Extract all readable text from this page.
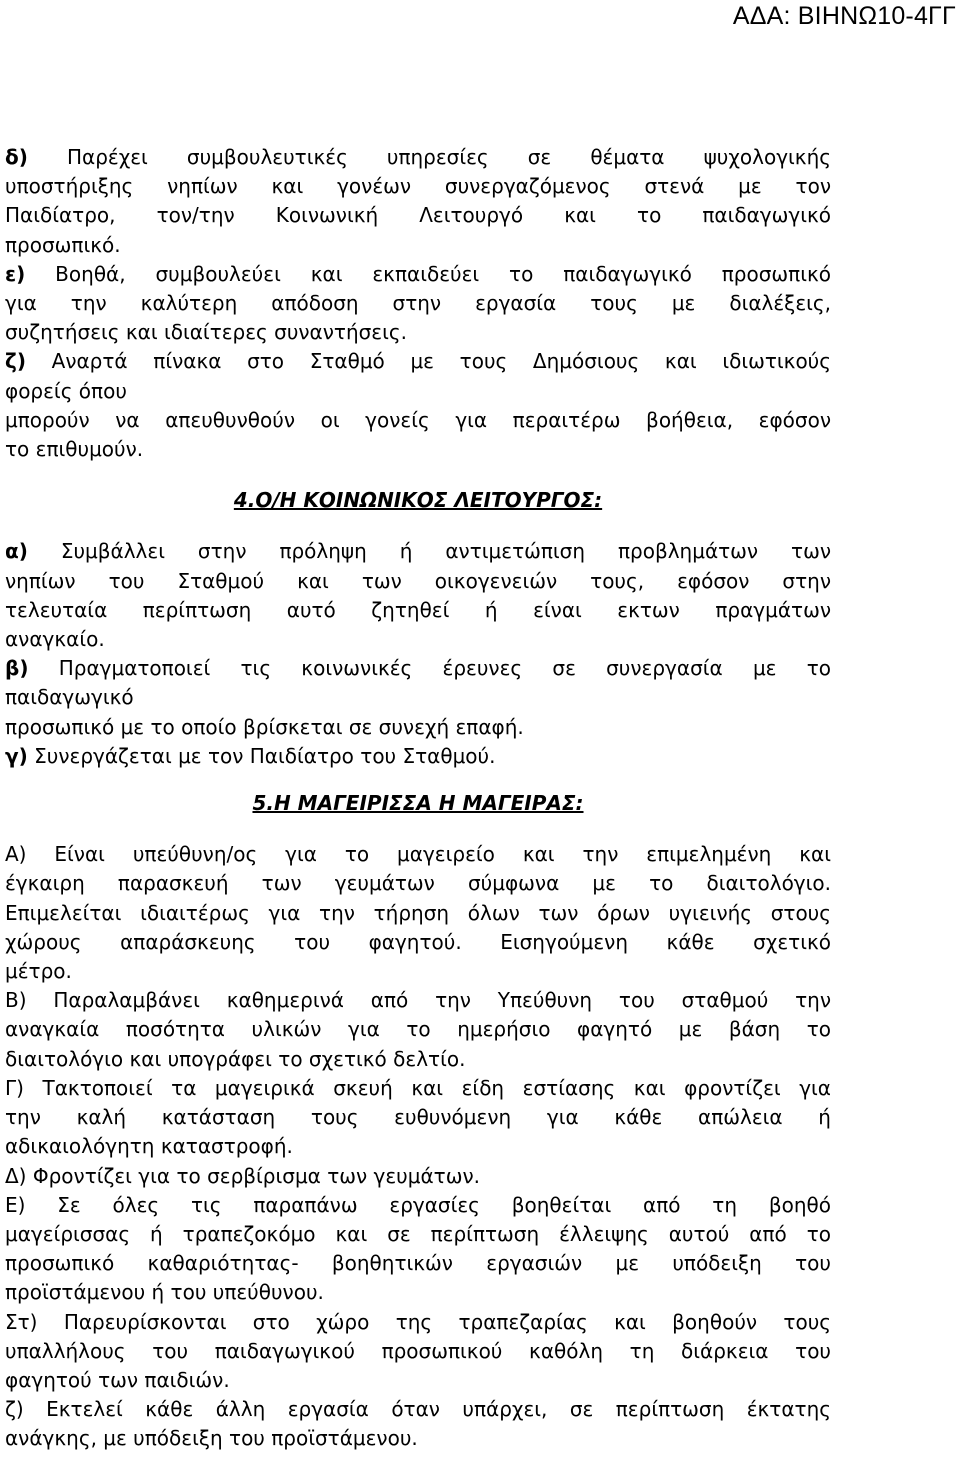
ΑΔΑ: ΒΙΗΝΩ10-4ΓΓ

δ) Παρέχει συμβουλευτικές υπηρεσίες σε θέματα ψυχολογικής

υποστήριξης νηπίων και γονέων συνεργαζόμενος στενά με τον

Παιδίατρο, τον/την Κοινωνική Λειτουργό και το παιδαγωγικό

προσωπικό.

ε) Βοηθά, συμβουλεύει και εκπαιδεύει το παιδαγωγικό προσωπικό

για την καλύτερη απόδοση στην εργασία τους με διαλέξεις,

συζητήσεις και ιδιαίτερες συναντήσεις.

ζ) Αναρτά πίνακα στο Σταθμό με τους Δημόσιους και ιδιωτικούς

φορείς όπου

μπορούν να απευθυνθούν οι γονείς για περαιτέρω βοήθεια, εφόσον

το επιθυμούν.

4.Ο/Η ΚΟΙΝΩΝΙΚΟΣ ΛΕΙΤΟΥΡΓΟΣ:

α) Συμβάλλει στην πρόληψη ή αντιμετώπιση προβλημάτων των

νηπίων του Σταθμού και των οικογενειών τους, εφόσον στην

τελευταία περίπτωση αυτό ζητηθεί ή είναι εκτων πραγμάτων

αναγκαίο.

β) Πραγματοποιεί τις κοινωνικές έρευνες σε συνεργασία με το

παιδαγωγικό

προσωπικό με το οποίο βρίσκεται σε συνεχή επαφή.

γ) Συνεργάζεται με τον Παιδίατρο του Σταθμού.

5.Η ΜΑΓΕΙΡΙΣΣΑ Η ΜΑΓΕΙΡΑΣ:

Α) Είναι υπεύθυνη/ος για το μαγειρείο και την επιμελημένη και

έγκαιρη παρασκευή των γευμάτων σύμφωνα με το διαιτολόγιο.

Επιμελείται ιδιαιτέρως για την τήρηση όλων των όρων υγιεινής στους

χώρους απαράσκευης του φαγητού. Εισηγούμενη κάθε σχετικό

μέτρο.

Β) Παραλαμβάνει καθημερινά από την Υπεύθυνη του σταθμού την

αναγκαία ποσότητα υλικών για το ημερήσιο φαγητό με βάση το

διαιτολόγιο και υπογράφει το σχετικό δελτίο.

Γ) Τακτοποιεί τα μαγειρικά σκευή και είδη εστίασης και φροντίζει για

την καλή κατάσταση τους ευθυνόμενη για κάθε απώλεια ή

αδικαιολόγητη καταστροφή.

Δ) Φροντίζει για το σερβίρισμα των γευμάτων.

Ε) Σε όλες τις παραπάνω εργασίες βοηθείται από τη βοηθό

μαγείρισσας ή τραπεζοκόμο και σε περίπτωση έλλειψης αυτού από το

προσωπικό καθαριότητας- βοηθητικών εργασιών με υπόδειξη του

προϊστάμενου ή του υπεύθυνου.

Στ) Παρευρίσκονται στο χώρο της τραπεζαρίας και βοηθούν τους

υπαλλήλους του παιδαγωγικού προσωπικού καθόλη τη διάρκεια του

φαγητού των παιδιών.

ζ) Εκτελεί κάθε άλλη εργασία όταν υπάρχει, σε περίπτωση έκτατης

ανάγκης, με υπόδειξη του προϊστάμενου.
